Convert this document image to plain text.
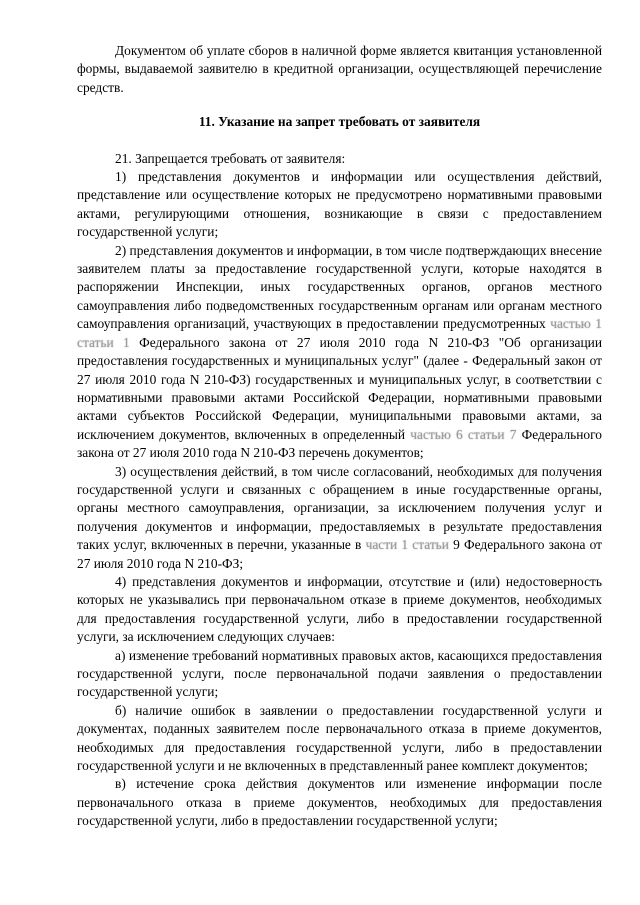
Документом об уплате сборов в наличной форме является квитанция установленной формы, выдаваемой заявителю в кредитной организации, осуществляющей перечисление средств.

11. Указание на запрет требовать от заявителя

21. Запрещается требовать от заявителя:

1) представления документов и информации или осуществления действий, представление или осуществление которых не предусмотрено нормативными правовыми актами, регулирующими отношения, возникающие в связи с предоставлением государственной услуги;

2) представления документов и информации, в том числе подтверждающих внесение заявителем платы за предоставление государственной услуги, которые находятся в распоряжении Инспекции, иных государственных органов, органов местного самоуправления либо подведомственных государственным органам или органам местного самоуправления организаций, участвующих в предоставлении предусмотренных частью 1 статьи 1 Федерального закона от 27 июля 2010 года N 210-ФЗ "Об организации предоставления государственных и муниципальных услуг" (далее - Федеральный закон от 27 июля 2010 года N 210-ФЗ) государственных и муниципальных услуг, в соответствии с нормативными правовыми актами Российской Федерации, нормативными правовыми актами субъектов Российской Федерации, муниципальными правовыми актами, за исключением документов, включенных в определенный частью 6 статьи 7 Федерального закона от 27 июля 2010 года N 210-ФЗ перечень документов;

3) осуществления действий, в том числе согласований, необходимых для получения государственной услуги и связанных с обращением в иные государственные органы, органы местного самоуправления, организации, за исключением получения услуг и получения документов и информации, предоставляемых в результате предоставления таких услуг, включенных в перечни, указанные в части 1 статьи 9 Федерального закона от 27 июля 2010 года N 210-ФЗ;

4) представления документов и информации, отсутствие и (или) недостоверность которых не указывались при первоначальном отказе в приеме документов, необходимых для предоставления государственной услуги, либо в предоставлении государственной услуги, за исключением следующих случаев:

а) изменение требований нормативных правовых актов, касающихся предоставления государственной услуги, после первоначальной подачи заявления о предоставлении государственной услуги;

б) наличие ошибок в заявлении о предоставлении государственной услуги и документах, поданных заявителем после первоначального отказа в приеме документов, необходимых для предоставления государственной услуги, либо в предоставлении государственной услуги и не включенных в представленный ранее комплект документов;

в) истечение срока действия документов или изменение информации после первоначального отказа в приеме документов, необходимых для предоставления государственной услуги, либо в предоставлении государственной услуги;
